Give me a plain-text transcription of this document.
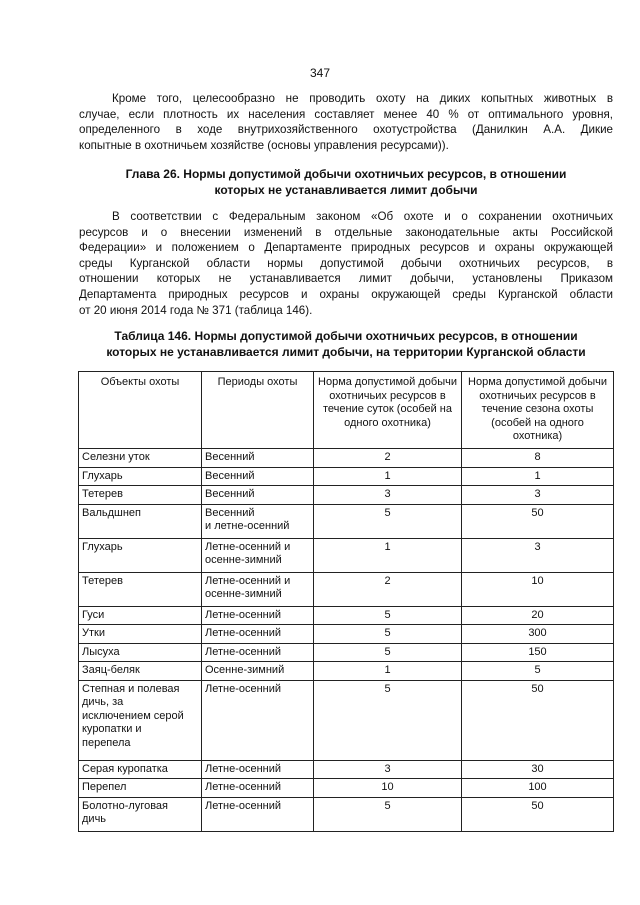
347
Кроме того, целесообразно не проводить охоту на диких копытных животных в
случае, если плотность их населения составляет менее 40 % от оптимального уровня,
определенного в ходе внутрихозяйственного охотустройства (Данилкин А.А. Дикие
копытные в охотничьем хозяйстве (основы управления ресурсами)).
Глава 26. Нормы допустимой добычи охотничьих ресурсов, в отношении
которых не устанавливается лимит добычи
В соответствии с Федеральным законом «Об охоте и о сохранении охотничьих
ресурсов и о внесении изменений в отдельные законодательные акты Российской
Федерации» и положением о Департаменте природных ресурсов и охраны окружающей
среды Курганской области нормы допустимой добычи охотничьих ресурсов, в
отношении которых не устанавливается лимит добычи, установлены Приказом
Департамента природных ресурсов и охраны окружающей среды Курганской области
от 20 июня 2014 года № 371 (таблица 146).
Таблица 146. Нормы допустимой добычи охотничьих ресурсов, в отношении
которых не устанавливается лимит добычи, на территории Курганской области
Объекты охоты	Периоды охоты	Норма допустимой добычи охотничьих ресурсов в течение суток (особей на одного охотника)	Норма допустимой добычи охотничьих ресурсов в течение сезона охоты (особей на одного охотника)
Селезни уток	Весенний	2	8
Глухарь	Весенний	1	1
Тетерев	Весенний	3	3
Вальдшнеп	Весенний
и летне-осенний	5	50
Глухарь	Летне-осенний и
осенне-зимний	1	3
Тетерев	Летне-осенний и
осенне-зимний	2	10
Гуси	Летне-осенний	5	20
Утки	Летне-осенний	5	300
Лысуха	Летне-осенний	5	150
Заяц-беляк	Осенне-зимний	1	5
Степная и полевая
дичь, за
исключением серой
куропатки и
перепела	Летне-осенний	5	50
Серая куропатка	Летне-осенний	3	30
Перепел	Летне-осенний	10	100
Болотно-луговая
дичь	Летне-осенний	5	50
